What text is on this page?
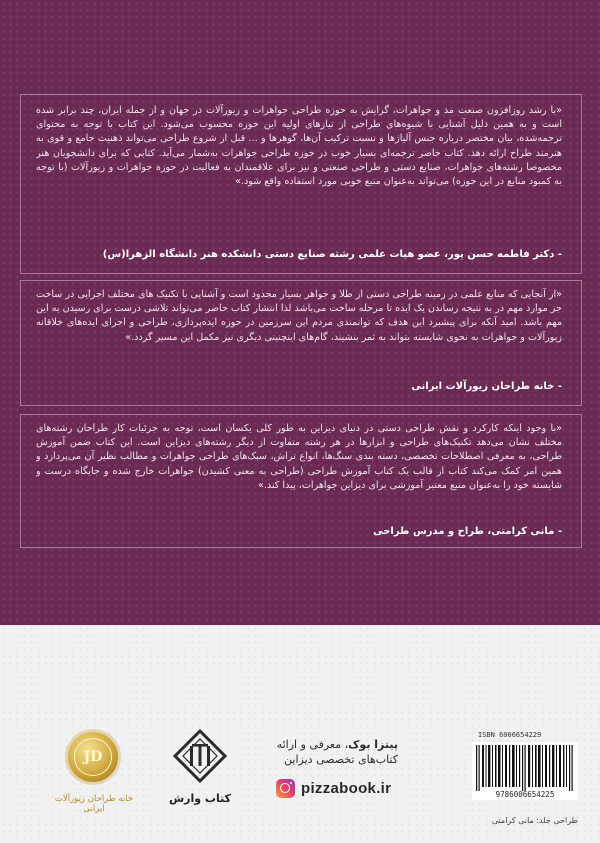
«با رشد روزافزون صنعت مد و جواهرات، گرایش به حوزه طراحی جواهرات و زیورآلات در جهان و از جمله ایران، چند برابر شده است و به همین دلیل آشنایی با شیوه‌های طراحی از نیازهای اولیه این حوزه محسوب می‌شود. این کتاب با توجه به محتوای ترجمه‌شده، بیان مختصر درباره جنس آلیاژها و نسبت ترکیب آن‌ها، گوهرها و ... قبل از شروع طراحی می‌تواند ذهنیت جامع و قوی به هنرمند طراح ارائه دهد. کتاب حاضر ترجمه‌ای بسیار خوب در حوزه طراحی جواهرات به‌شمار می‌آید. کتابی که برای دانشجویان هنر مخصوصا رشته‌های جواهرات، صنایع دستی و طراحی صنعتی و نیز برای علاقمندان به فعالیت در حوزه جواهرات و زیورآلات (با توجه به کمبود منابع در این حوزه) می‌تواند به‌عنوان منبع خوبی مورد استفاده واقع شود.»
- دکتر فاطمه حسن پور، عضو هیات علمی رشته صنایع دستی دانشکده هنر دانشگاه الزهرا(س)
«از آنجایی که منابع علمی در زمینه طراحی دستی از طلا و جواهر بسیار محدود است و آشنایی با تکنیک های مختلف اجرایی در ساخت جز موارد مهم در به نتیجه رساندن یک ایده تا مرحله ساخت می‌باشد لذا انتشار کتاب حاضر می‌تواند تلاشی درست برای رسیدن به این مهم باشد. امید آنکه برای پیشبرد این هدف که توانمندی مردم این سرزمین در حوزه ایده‌پردازی، طراحی و اجرای ایده‌های خلاقانه زیورآلات و جواهرات به نحوی شایسته بتواند به ثمر بنشیند، گام‌های اینچنینی دیگری نیز مکمل این مسیر گردد.»
- خانه طراحان زیورآلات ایرانی
«با وجود اینکه کارکرد و نقش طراحی دستی در دنیای دیزاین به طور کلی یکسان است، توجه به جزئیات کار طراحان رشته‌های مختلف نشان می‌دهد تکنیک‌های طراحی و ابزارها در هر رشته متفاوت از دیگر رشته‌های دیزاین است. این کتاب ضمن آموزش طراحی، به معرفی اصطلاحات تخصصی، دسته بندی سنگ‌ها، انواع تراش، سبک‌های طراحی جواهرات و مطالب نظیر آن می‌پردازد و همین امر کمک می‌کند کتاب از قالب یک کتاب آموزش طراحی (طراحی به معنی کشیدن) جواهرات خارج شده و جایگاه درست و شایسته خود را به‌عنوان منبع معتبر آموزشی برای دیزاین جواهرات، پیدا کند.»
- مانی کرامتی، طراح و مدرس طراحی
پیتزا بوک، معرفی و ارائه
کتاب‌های تخصصی دیزاین
pizzabook.ir
ISBN 6006654229
9786006654225
طراحی جلد: مانی کرامتی
کتاب وارش
JD
خانه طراحان زیورآلات ایرانی
